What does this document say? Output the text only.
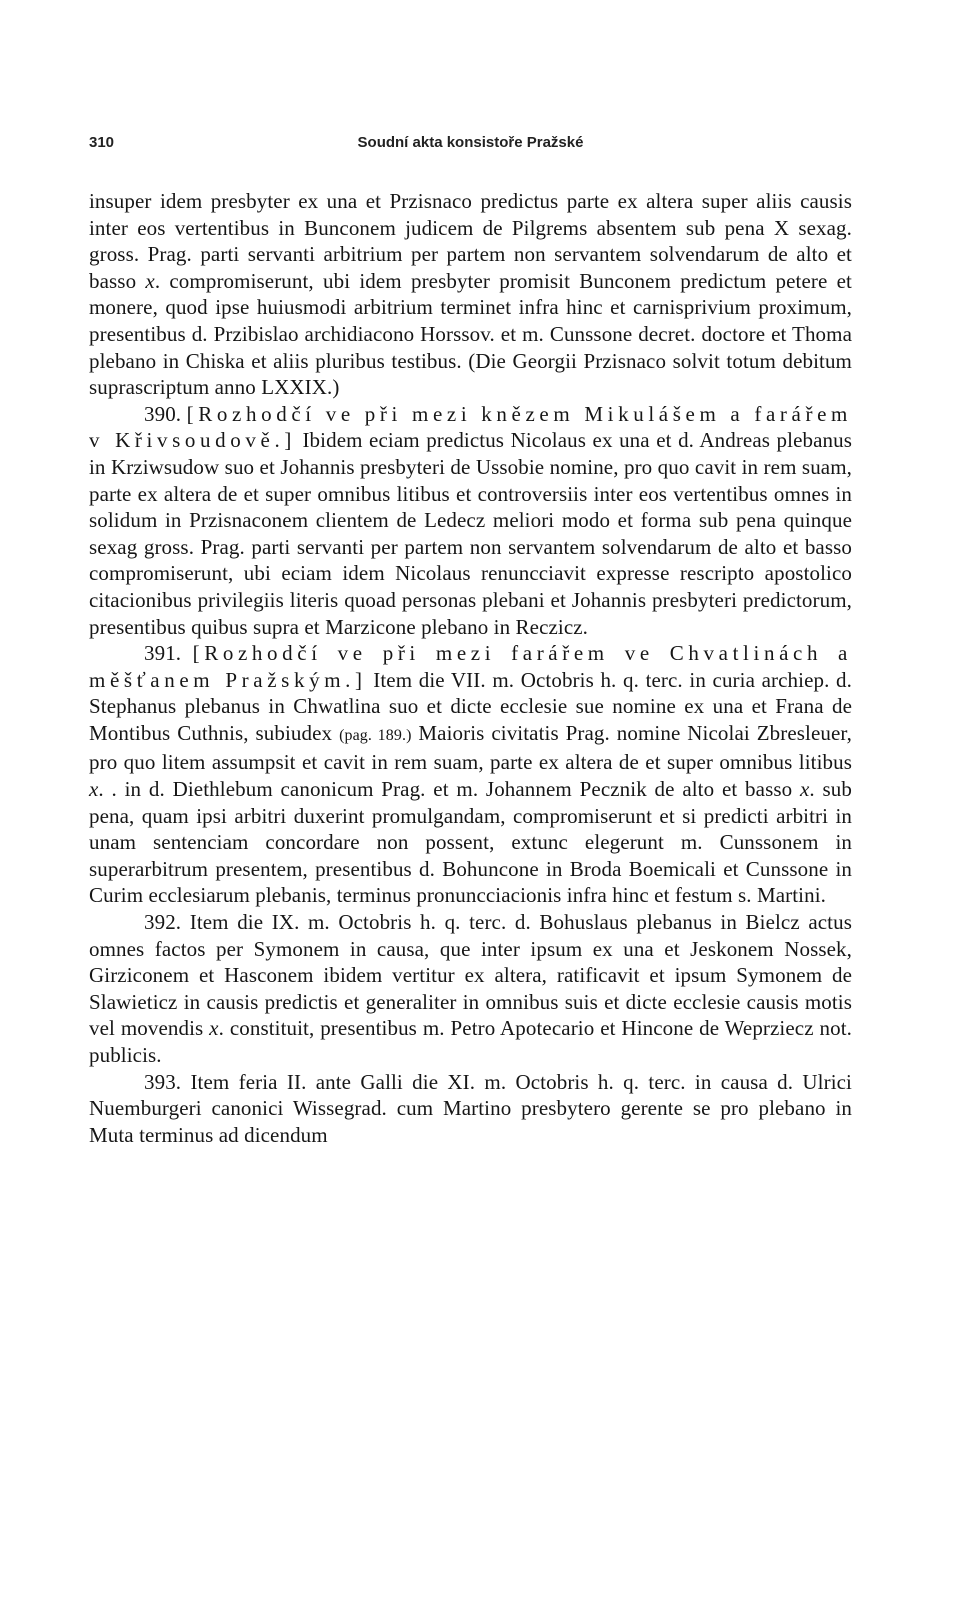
310	Soudní akta konsistoře Pražské

insuper idem presbyter ex una et Przisnaco predictus parte ex altera super aliis causis inter eos vertentibus in Bunconem judicem de Pilgrems absentem sub pena X sexag. gross. Prag. parti servanti arbitrium per partem non servantem solvendarum de alto et basso x. compromiserunt, ubi idem presbyter promisit Bunconem predictum petere et monere, quod ipse huiusmodi arbitrium terminet infra hinc et carnisprivium proximum, presentibus d. Przibislao archidiacono Horssov. et m. Cunssone decret. doctore et Thoma plebano in Chiska et aliis pluribus testibus. (Die Georgii Przisnaco solvit totum debitum suprascriptum anno LXXIX.)

390. [Rozhodčí ve při mezi knězem Mikulášem a farářem v Křivsoudově.] Ibidem eciam predictus Nicolaus ex una et d. Andreas plebanus in Krziwsudow suo et Johannis presbyteri de Ussobie nomine, pro quo cavit in rem suam, parte ex altera de et super omnibus litibus et controversiis inter eos vertentibus omnes in solidum in Przisnaconem clientem de Ledecz meliori modo et forma sub pena quinque sexag gross. Prag. parti servanti per partem non servantem solvendarum de alto et basso compromiserunt, ubi eciam idem Nicolaus renuncciavit expresse rescripto apostolico citacionibus privilegiis literis quoad personas plebani et Johannis presbyteri predictorum, presentibus quibus supra et Marzicone plebano in Reczicz.

391. [Rozhodčí ve při mezi farářem ve Chvatlinách a měšťanem Pražským.] Item die VII. m. Octobris h. q. terc. in curia archiep. d. Stephanus plebanus in Chwatlina suo et dicte ecclesie sue nomine ex una et Frana de Montibus Cuthnis, subiudex (pag. 189.) Maioris civitatis Prag. nomine Nicolai Zbresleuer, pro quo litem assumpsit et cavit in rem suam, parte ex altera de et super omnibus litibus x. . in d. Diethlebum canonicum Prag. et m. Johannem Pecznik de alto et basso x. sub pena, quam ipsi arbitri duxerint promulgandam, compromiserunt et si predicti arbitri in unam sentenciam concordare non possent, extunc elegerunt m. Cunssonem in superarbitrum presentem, presentibus d. Bohuncone in Broda Boemicali et Cunssone in Curim ecclesiarum plebanis, terminus pronuncciacionis infra hinc et festum s. Martini.

392. Item die IX. m. Octobris h. q. terc. d. Bohuslaus plebanus in Bielcz actus omnes factos per Symonem in causa, que inter ipsum ex una et Jeskonem Nossek, Girziconem et Hasconem ibidem vertitur ex altera, ratificavit et ipsum Symonem de Slawieticz in causis predictis et generaliter in omnibus suis et dicte ecclesie causis motis vel movendis x. constituit, presentibus m. Petro Apotecario et Hincone de Weprziecz not. publicis.

393. Item feria II. ante Galli die XI. m. Octobris h. q. terc. in causa d. Ulrici Nuemburgeri canonici Wissegrad. cum Martino presbytero gerente se pro plebano in Muta terminus ad dicendum
